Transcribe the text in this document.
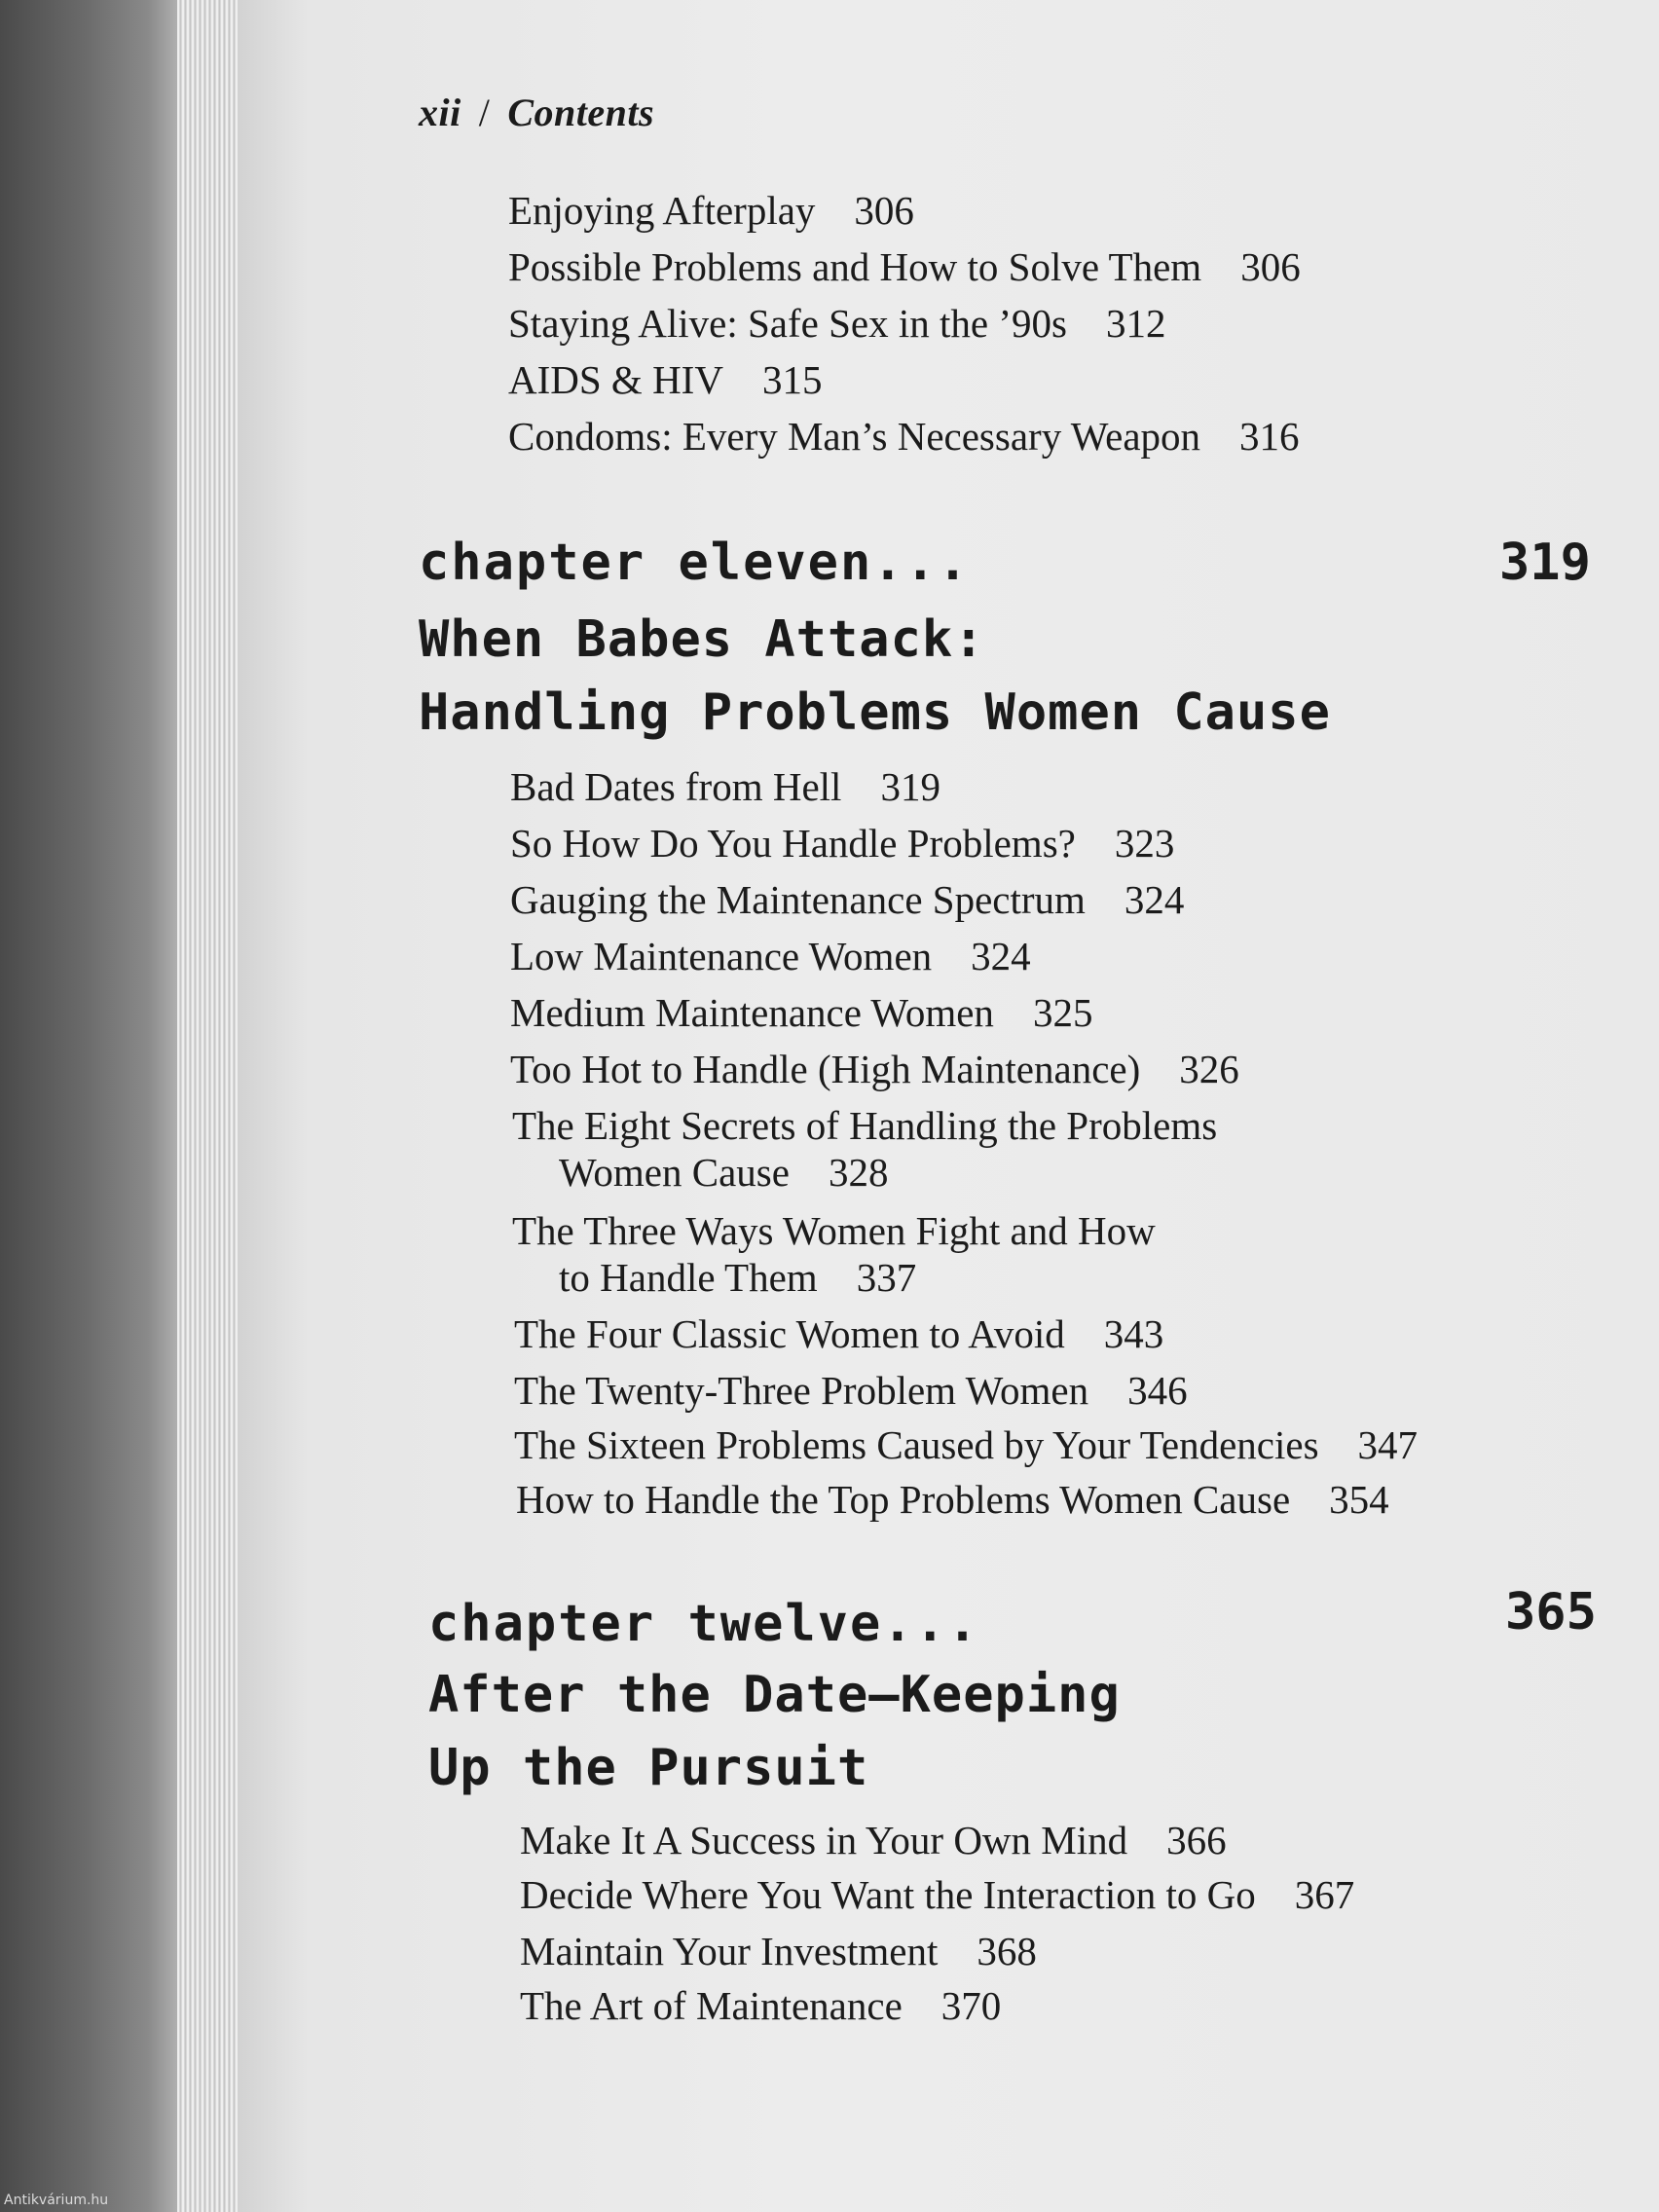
xii / Contents
Enjoying Afterplay 306
Possible Problems and How to Solve Them 306
Staying Alive: Safe Sex in the ’90s 312
AIDS & HIV 315
Condoms: Every Man’s Necessary Weapon 316
chapter eleven...	319
When Babes Attack:
Handling Problems Women Cause
Bad Dates from Hell 319
So How Do You Handle Problems? 323
Gauging the Maintenance Spectrum 324
Low Maintenance Women 324
Medium Maintenance Women 325
Too Hot to Handle (High Maintenance) 326
The Eight Secrets of Handling the Problems
Women Cause 328
The Three Ways Women Fight and How
to Handle Them 337
The Four Classic Women to Avoid 343
The Twenty-Three Problem Women 346
The Sixteen Problems Caused by Your Tendencies 347
How to Handle the Top Problems Women Cause 354
chapter twelve...	365
After the Date—Keeping
Up the Pursuit
Make It A Success in Your Own Mind 366
Decide Where You Want the Interaction to Go 367
Maintain Your Investment 368
The Art of Maintenance 370
Antikvárium.hu
